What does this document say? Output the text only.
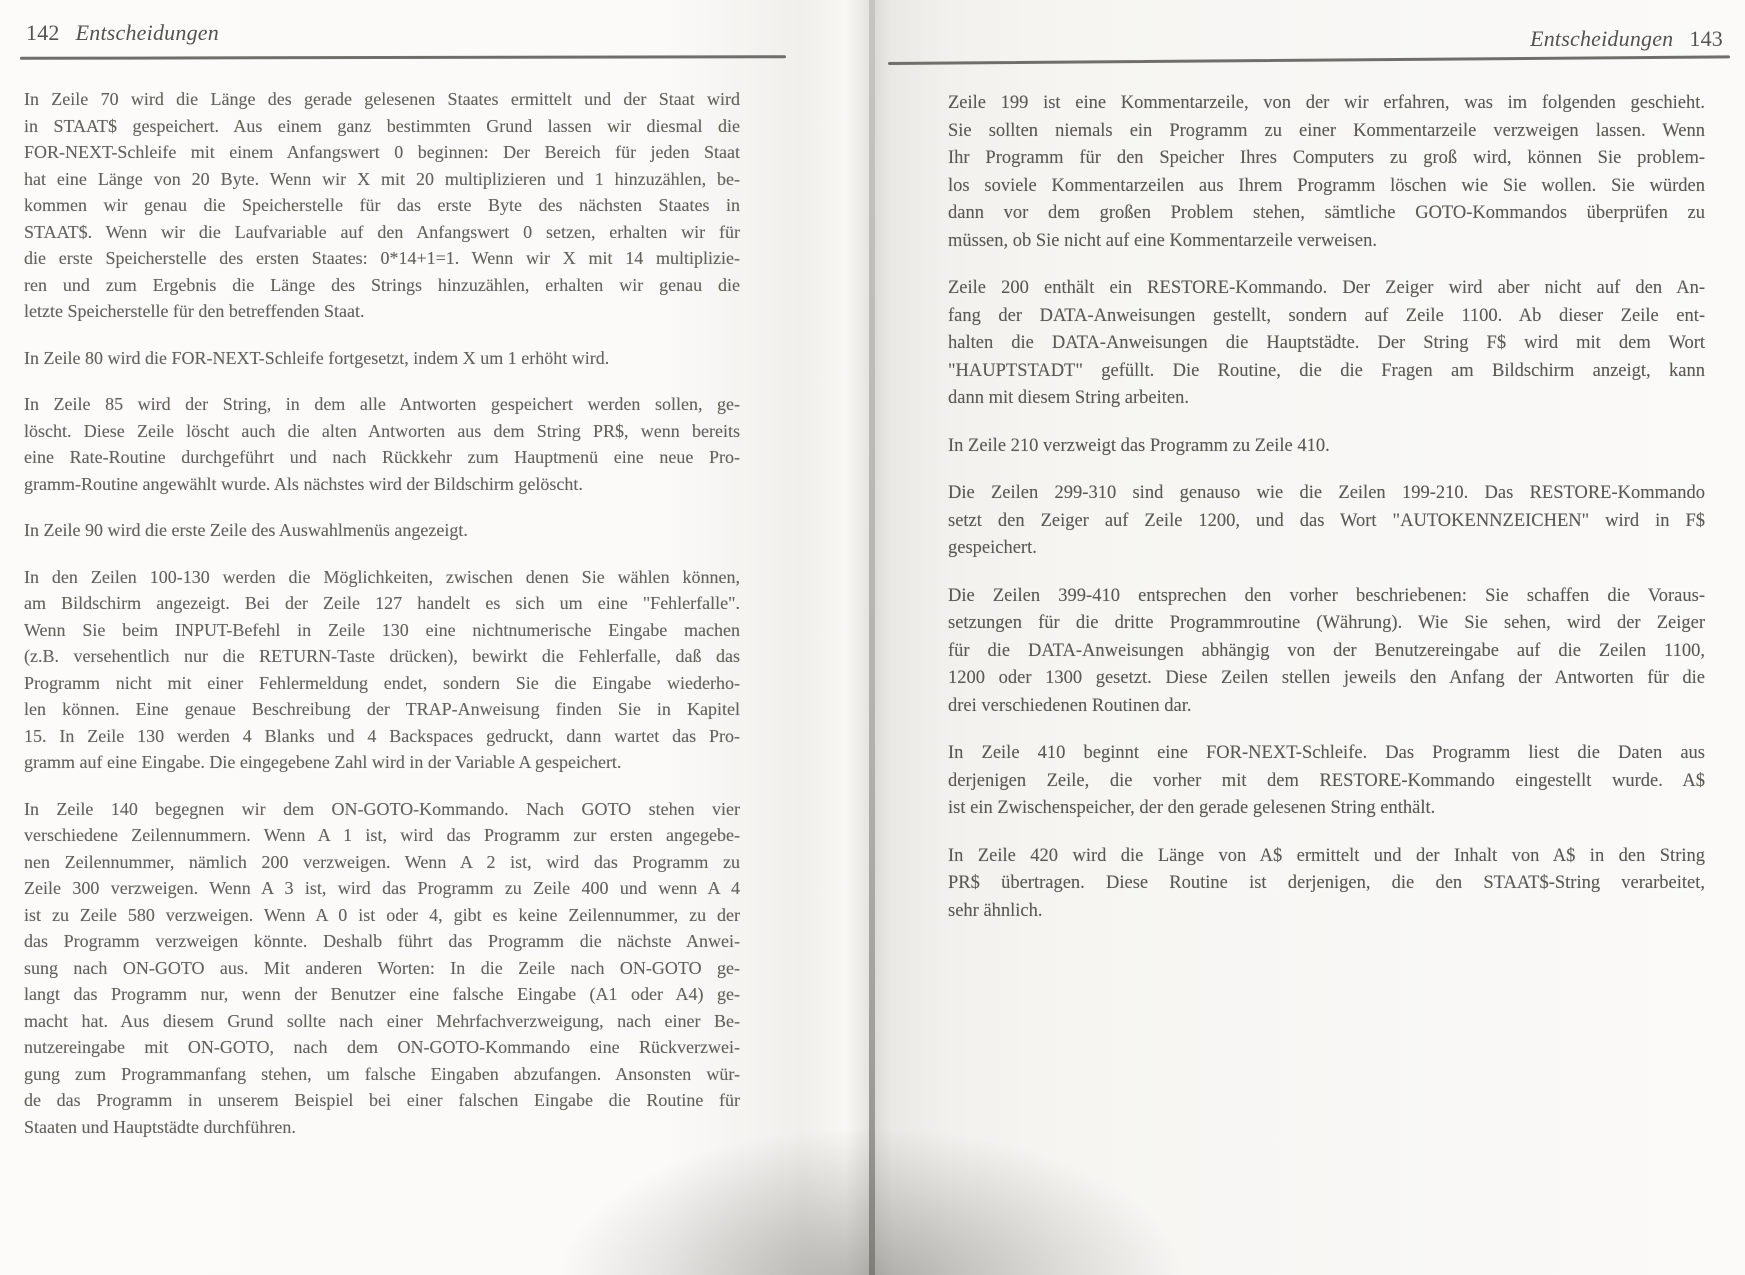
142 Entscheidungen	Entscheidungen 143
In Zeile 70 wird die Länge des gerade gelesenen Staates ermittelt und der Staat wird
in STAAT$ gespeichert. Aus einem ganz bestimmten Grund lassen wir diesmal die
FOR-NEXT-Schleife mit einem Anfangswert 0 beginnen: Der Bereich für jeden Staat
hat eine Länge von 20 Byte. Wenn wir X mit 20 multiplizieren und 1 hinzuzählen, be-
kommen wir genau die Speicherstelle für das erste Byte des nächsten Staates in
STAAT$. Wenn wir die Laufvariable auf den Anfangswert 0 setzen, erhalten wir für
die erste Speicherstelle des ersten Staates: 0*14+1=1. Wenn wir X mit 14 multiplizie-
ren und zum Ergebnis die Länge des Strings hinzuzählen, erhalten wir genau die
letzte Speicherstelle für den betreffenden Staat.
In Zeile 80 wird die FOR-NEXT-Schleife fortgesetzt, indem X um 1 erhöht wird.
In Zeile 85 wird der String, in dem alle Antworten gespeichert werden sollen, ge-
löscht. Diese Zeile löscht auch die alten Antworten aus dem String PR$, wenn bereits
eine Rate-Routine durchgeführt und nach Rückkehr zum Hauptmenü eine neue Pro-
gramm-Routine angewählt wurde. Als nächstes wird der Bildschirm gelöscht.
In Zeile 90 wird die erste Zeile des Auswahlmenüs angezeigt.
In den Zeilen 100-130 werden die Möglichkeiten, zwischen denen Sie wählen können,
am Bildschirm angezeigt. Bei der Zeile 127 handelt es sich um eine "Fehlerfalle".
Wenn Sie beim INPUT-Befehl in Zeile 130 eine nichtnumerische Eingabe machen
(z.B. versehentlich nur die RETURN-Taste drücken), bewirkt die Fehlerfalle, daß das
Programm nicht mit einer Fehlermeldung endet, sondern Sie die Eingabe wiederho-
len können. Eine genaue Beschreibung der TRAP-Anweisung finden Sie in Kapitel
15. In Zeile 130 werden 4 Blanks und 4 Backspaces gedruckt, dann wartet das Pro-
gramm auf eine Eingabe. Die eingegebene Zahl wird in der Variable A gespeichert.
In Zeile 140 begegnen wir dem ON-GOTO-Kommando. Nach GOTO stehen vier
verschiedene Zeilennummern. Wenn A 1 ist, wird das Programm zur ersten angegebe-
nen Zeilennummer, nämlich 200 verzweigen. Wenn A 2 ist, wird das Programm zu
Zeile 300 verzweigen. Wenn A 3 ist, wird das Programm zu Zeile 400 und wenn A 4
ist zu Zeile 580 verzweigen. Wenn A 0 ist oder 4, gibt es keine Zeilennummer, zu der
das Programm verzweigen könnte. Deshalb führt das Programm die nächste Anwei-
sung nach ON-GOTO aus. Mit anderen Worten: In die Zeile nach ON-GOTO ge-
langt das Programm nur, wenn der Benutzer eine falsche Eingabe (A1 oder A4) ge-
macht hat. Aus diesem Grund sollte nach einer Mehrfachverzweigung, nach einer Be-
nutzereingabe mit ON-GOTO, nach dem ON-GOTO-Kommando eine Rückverzwei-
gung zum Programmanfang stehen, um falsche Eingaben abzufangen. Ansonsten wür-
de das Programm in unserem Beispiel bei einer falschen Eingabe die Routine für
Staaten und Hauptstädte durchführen.
Zeile 199 ist eine Kommentarzeile, von der wir erfahren, was im folgenden geschieht.
Sie sollten niemals ein Programm zu einer Kommentarzeile verzweigen lassen. Wenn
Ihr Programm für den Speicher Ihres Computers zu groß wird, können Sie problem-
los soviele Kommentarzeilen aus Ihrem Programm löschen wie Sie wollen. Sie würden
dann vor dem großen Problem stehen, sämtliche GOTO-Kommandos überprüfen zu
müssen, ob Sie nicht auf eine Kommentarzeile verweisen.
Zeile 200 enthält ein RESTORE-Kommando. Der Zeiger wird aber nicht auf den An-
fang der DATA-Anweisungen gestellt, sondern auf Zeile 1100. Ab dieser Zeile ent-
halten die DATA-Anweisungen die Hauptstädte. Der String F$ wird mit dem Wort
"HAUPTSTADT" gefüllt. Die Routine, die die Fragen am Bildschirm anzeigt, kann
dann mit diesem String arbeiten.
In Zeile 210 verzweigt das Programm zu Zeile 410.
Die Zeilen 299-310 sind genauso wie die Zeilen 199-210. Das RESTORE-Kommando
setzt den Zeiger auf Zeile 1200, und das Wort "AUTOKENNZEICHEN" wird in F$
gespeichert.
Die Zeilen 399-410 entsprechen den vorher beschriebenen: Sie schaffen die Voraus-
setzungen für die dritte Programmroutine (Währung). Wie Sie sehen, wird der Zeiger
für die DATA-Anweisungen abhängig von der Benutzereingabe auf die Zeilen 1100,
1200 oder 1300 gesetzt. Diese Zeilen stellen jeweils den Anfang der Antworten für die
drei verschiedenen Routinen dar.
In Zeile 410 beginnt eine FOR-NEXT-Schleife. Das Programm liest die Daten aus
derjenigen Zeile, die vorher mit dem RESTORE-Kommando eingestellt wurde. A$
ist ein Zwischenspeicher, der den gerade gelesenen String enthält.
In Zeile 420 wird die Länge von A$ ermittelt und der Inhalt von A$ in den String
PR$ übertragen. Diese Routine ist derjenigen, die den STAAT$-String verarbeitet,
sehr ähnlich.
